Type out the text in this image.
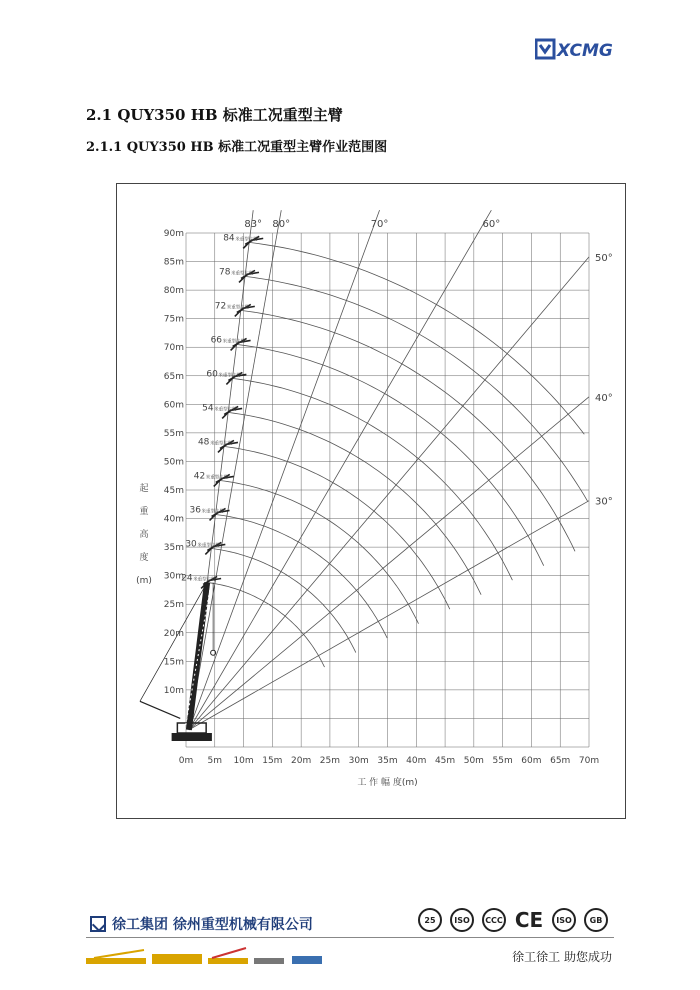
XCMG
2.1 QUY350 HB 标准工况重型主臂
2.1.1 QUY350 HB 标准工况重型主臂作业范围图
0m 5m 10m 15m 20m 25m 30m 35m 40m 45m 50m 55m 60m 65m 70m
10m
15m
20m
25m
30m
35m
40m
45m
50m
55m
60m
65m
70m
75m
80m
85m
90m
83° 80°	70°	60°
50°
40°
30°
24 米重型主臂
30 米重型主臂
36 米重型主臂
42 米重型主臂
48 米重型主臂
54 米重型主臂
60 米重型主臂
66 米重型主臂
72 米重型主臂
78 米重型主臂
84 米重型主臂
工 作 幅 度(m)
起
重
高
度
(m)
徐工集团 徐州重型机械有限公司	25	ISO	CCC CE	ISO	GB
徐工徐工 助您成功
